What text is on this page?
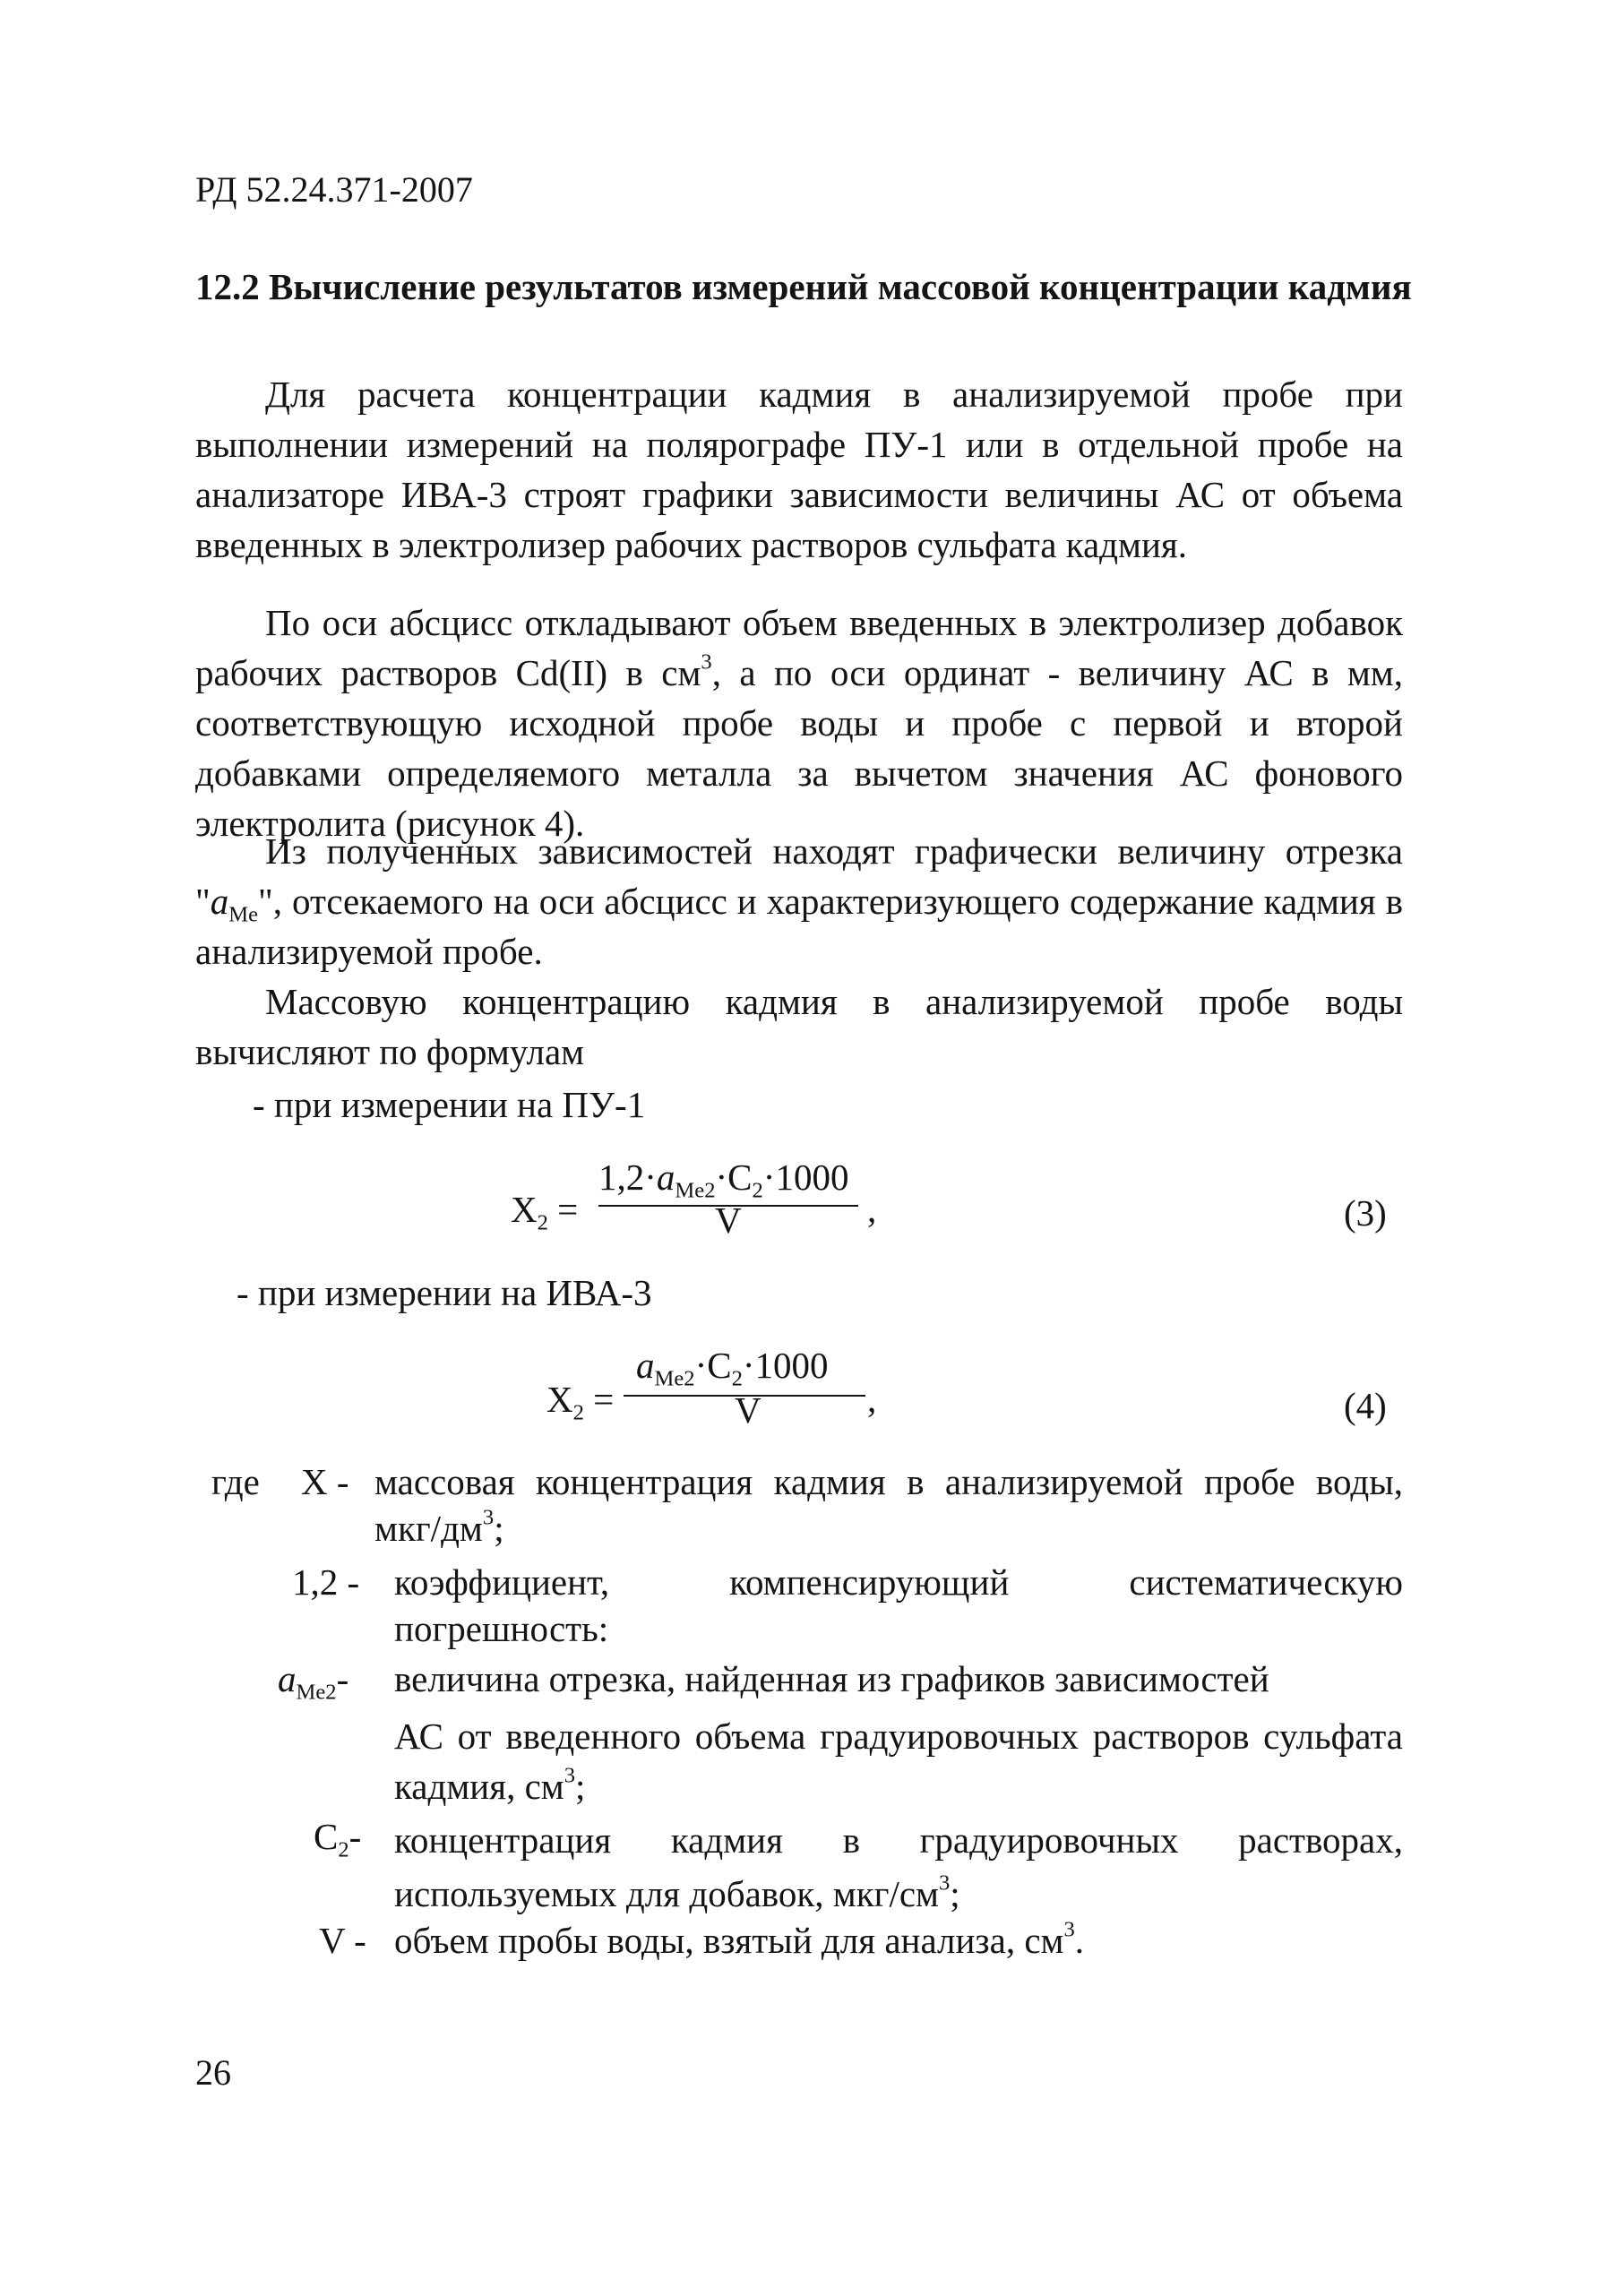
РД 52.24.371-2007
12.2 Вычисление результатов измерений массовой концентрации кадмия

Для расчета концентрации кадмия в анализируемой пробе при выполнении измерений на полярографе ПУ-1 или в отдельной пробе на анализаторе ИВА-3 строят графики зависимости величины АС от объема введенных в электролизер рабочих растворов сульфата кадмия.

По оси абсцисс откладывают объем введенных в электролизер добавок рабочих растворов Cd(II) в $см^3$, а по оси ординат - величину АС в мм, соответствующую исходной пробе воды и пробе с первой и второй добавками определяемого металла за вычетом значения АС фонового электролита (рисунок 4).

Из полученных зависимостей находят графически величину отрезка "$a_{Me}$", отсекаемого на оси абсцисс и характеризующего содержание кадмия в анализируемой пробе.

Массовую концентрацию кадмия в анализируемой пробе воды вычисляют по формулам

- при измерении на ПУ-1
$X_2$ =
$1,2\cdot a_{Me2}\cdot C_2\cdot 1000$
V	,	(3)
- при измерении на ИВА-3
$X_2$ =
$a_{Me2}\cdot C_2\cdot 1000$
V	,	(4)
где X - массовая концентрация кадмия в анализируемой пробе воды, мкг/$дм^3$;
1,2 - коэффициент, компенсирующий систематическую погрешность:
$a_{Me2}-$ величина отрезка, найденная из графиков зависимостей
АС от введенного объема градуировочных растворов сульфата кадмия, $см^3$;
$C_2-$ концентрация кадмия в градуировочных растворах, используемых для добавок, мкг/$см^3$;
V - объем пробы воды, взятый для анализа, $см^3$.
26
